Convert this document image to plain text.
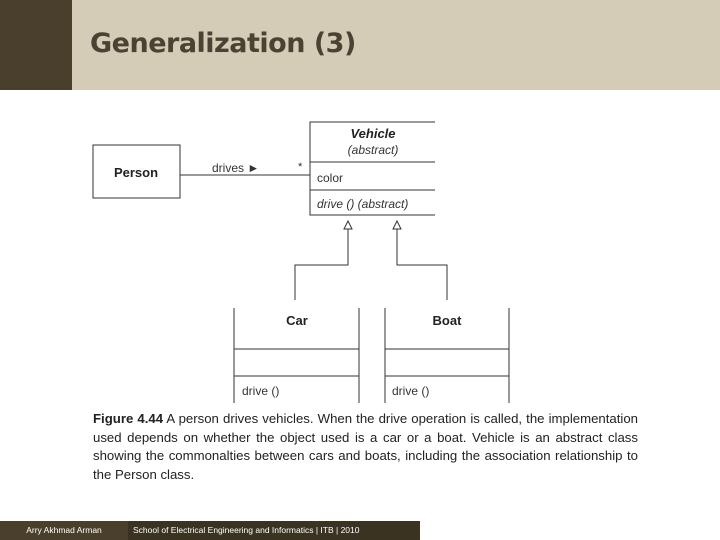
Generalization (3)
Person	drives ►	*
Vehicle
(abstract)
color
drive () (abstract)
Car
drive ()
Boat
drive ()

Figure 4.44 A person drives vehicles. When the drive operation is called, the implementation used depends on whether the object used is a car or a boat. Vehicle is an abstract class showing the commonalties between cars and boats, including the association relationship to the Person class.

Arry Akhmad Arman	School of Electrical Engineering and Informatics | ITB | 2010
